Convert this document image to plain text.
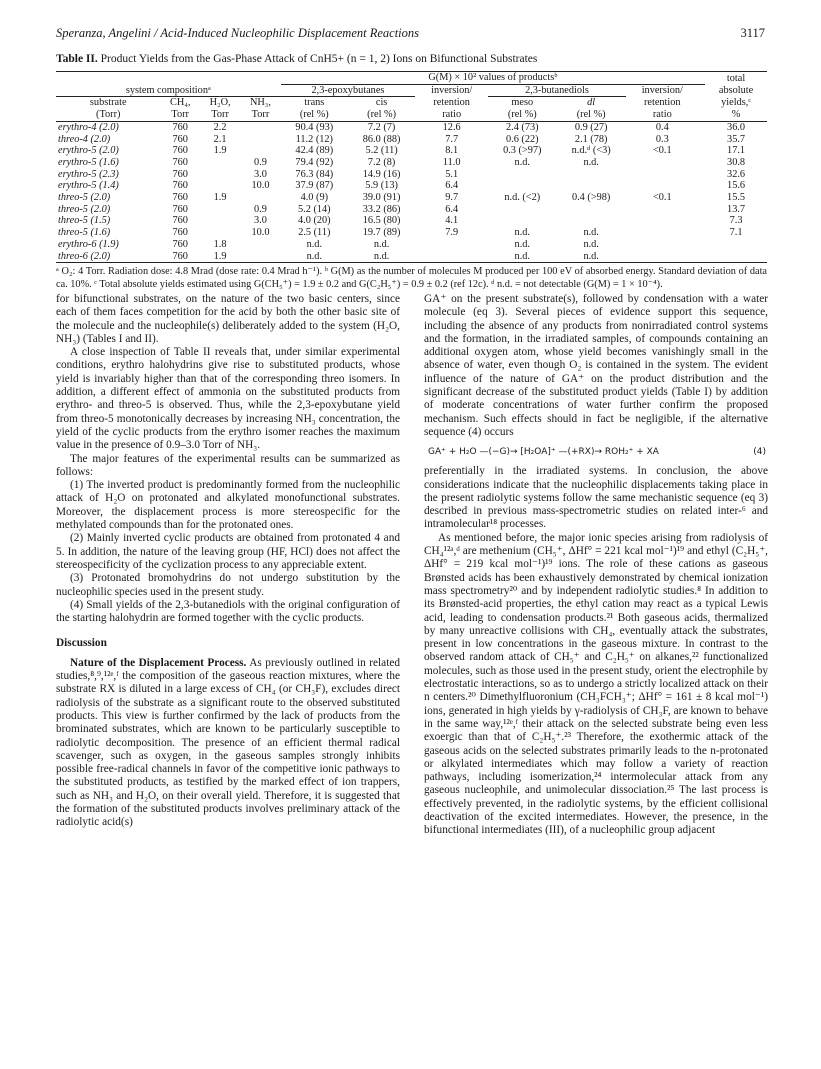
Speranza, Angelini / Acid-Induced Nucleophilic Displacement Reactions	3117
Table II. Product Yields from the Gas-Phase Attack of CnH5+ (n = 1, 2) Ions on Bifunctional Substrates
				G(M) × 10² values of productsᵇ							total
system compositionᵃ				2,3-epoxybutanes		inversion/	2,3-butanediols		inversion/		absolute
substrate	CH₄,	H₂O,	NH₃,	trans	cis	retention	meso	dl	retention		yields,ᶜ
(Torr)	Torr	Torr	Torr	(rel %)	(rel %)	ratio	(rel %)	(rel %)	ratio		%
erythro-4 (2.0)	760	2.2		90.4 (93)	7.2 (7)	12.6	2.4 (73)	0.9 (27)	0.4		36.0
threo-4 (2.0)	760	2.1		11.2 (12)	86.0 (88)	7.7	0.6 (22)	2.1 (78)	0.3		35.7
erythro-5 (2.0)	760	1.9		42.4 (89)	5.2 (11)	8.1	0.3 (>97)	n.d.ᵈ (<3)	<0.1		17.1
erythro-5 (1.6)	760		0.9	79.4 (92)	7.2 (8)	11.0	n.d.	n.d.			30.8
erythro-5 (2.3)	760		3.0	76.3 (84)	14.9 (16)	5.1					32.6
erythro-5 (1.4)	760		10.0	37.9 (87)	5.9 (13)	6.4					15.6
threo-5 (2.0)	760	1.9		4.0 (9)	39.0 (91)	9.7	n.d. (<2)	0.4 (>98)	<0.1		15.5
threo-5 (2.0)	760		0.9	5.2 (14)	33.2 (86)	6.4					13.7
threo-5 (1.5)	760		3.0	4.0 (20)	16.5 (80)	4.1					7.3
threo-5 (1.6)	760		10.0	2.5 (11)	19.7 (89)	7.9	n.d.	n.d.			7.1
erythro-6 (1.9)	760	1.8		n.d.	n.d.		n.d.	n.d.			
threo-6 (2.0)	760	1.9		n.d.	n.d.		n.d.	n.d.			
ᵃ O₂: 4 Torr. Radiation dose: 4.8 Mrad (dose rate: 0.4 Mrad h⁻¹). ᵇ G(M) as the number of molecules M produced per 100 eV of absorbed energy. Standard deviation of data ca. 10%. ᶜ Total absolute yields estimated using G(CH₅⁺) = 1.9 ± 0.2 and G(C₂H₅⁺) = 0.9 ± 0.2 (ref 12c). ᵈ n.d. = not detectable (G(M) = 1 × 10⁻⁴).

for bifunctional substrates, on the nature of the two basic centers, since each of them faces competition for the acid by both the other basic site of the molecule and the nucleophile(s) deliberately added to the system (H₂O, NH₃) (Tables I and II).

A close inspection of Table II reveals that, under similar experimental conditions, erythro halohydrins give rise to substituted products, whose yield is invariably higher than that of the corresponding threo isomers. In addition, a different effect of ammonia on the substituted products from erythro- and threo-5 is observed. Thus, while the 2,3-epoxybutane yield from threo-5 monotonically decreases by increasing NH₃ concentration, the yield of the cyclic products from the erythro isomer reaches the maximum value in the presence of 0.9–3.0 Torr of NH₃.

The major features of the experimental results can be summarized as follows:

(1) The inverted product is predominantly formed from the nucleophilic attack of H₂O on protonated and alkylated monofunctional substrates. Moreover, the displacement process is more stereospecific for the methylated compounds than for the protonated ones.

(2) Mainly inverted cyclic products are obtained from protonated 4 and 5. In addition, the nature of the leaving group (HF, HCl) does not affect the stereospecificity of the cyclization process to any appreciable extent.

(3) Protonated bromohydrins do not undergo substitution by the nucleophilic species used in the present study.

(4) Small yields of the 2,3-butanediols with the original configuration of the starting halohydrin are formed together with the cyclic products.

Discussion

Nature of the Displacement Process. As previously outlined in related studies,⁸,⁹,¹²ᵉ,ᶠ the composition of the gaseous reaction mixtures, where the substrate RX is diluted in a large excess of CH₄ (or CH₃F), excludes direct radiolysis of the substrate as a significant route to the observed substituted products. This view is further confirmed by the lack of products from the brominated substrates, which are known to be particularly susceptible to radiolytic decomposition. The presence of an efficient thermal radical scavenger, such as oxygen, in the gaseous samples strongly inhibits possible free-radical channels in favor of the competitive ionic pathways to the substituted products, as testified by the marked effect of ion trappers, such as NH₃ and H₂O, on their overall yield. Therefore, it is suggested that the formation of the substituted products involves preliminary attack of the radiolytic acid(s)

GA⁺ on the present substrate(s), followed by condensation with a water molecule (eq 3). Several pieces of evidence support this sequence, including the absence of any products from nonirradiated control systems and the formation, in the irradiated samples, of compounds containing an additional oxygen atom, whose yield becomes vanishingly small in the absence of water, even though O₂ is contained in the system. The evident influence of the nature of GA⁺ on the product distribution and the significant decrease of the substituted product yields (Table I) by addition of moderate concentrations of water further confirm the proposed mechanism. Such effects should in fact be negligible, if the alternative sequence (4) occurs

GA⁺ + H₂O —(−G)→ [H₂OA]⁺ —(+RX)→ ROH₂⁺ + XA	(4)

preferentially in the irradiated systems. In conclusion, the above considerations indicate that the nucleophilic displacements taking place in the present radiolytic systems follow the same mechanistic sequence (eq 3) described in previous mass-spectrometric studies on related inter-⁶ and intramolecular¹⁸ processes.

As mentioned before, the major ionic species arising from radiolysis of CH₄¹²ᵃ,ᵈ are methenium (CH₅⁺, ΔHf° = 221 kcal mol⁻¹)¹⁹ and ethyl (C₂H₅⁺, ΔHf° = 219 kcal mol⁻¹)¹⁹ ions. The role of these cations as gaseous Brønsted acids has been exhaustively demonstrated by chemical ionization mass spectrometry²⁰ and by independent radiolytic studies.⁸ In addition to its Brønsted-acid properties, the ethyl cation may react as a typical Lewis acid, leading to condensation products.²¹ Both gaseous acids, thermalized by many unreactive collisions with CH₄, eventually attack the substrates, present in low concentrations in the gaseous mixture. In contrast to the observed random attack of CH₅⁺ and C₂H₅⁺ on alkanes,²² functionalized molecules, such as those used in the present study, orient the electrophile by electrostatic interactions, so as to undergo a strictly localized attack on their n centers.²⁰ Dimethylfluoronium (CH₃FCH₃⁺; ΔHf° = 161 ± 8 kcal mol⁻¹) ions, generated in high yields by γ-radiolysis of CH₃F, are known to behave in the same way,¹²ᵉ,ᶠ their attack on the selected substrate being even less exoergic than that of C₂H₅⁺.²³ Therefore, the exothermic attack of the gaseous acids on the selected substrates primarily leads to the n-protonated or alkylated intermediates which may follow a variety of reaction pathways, including isomerization,²⁴ intermolecular attack from any gaseous nucleophile, and unimolecular dissociation.²⁵ The last process is effectively prevented, in the radiolytic systems, by the efficient collisional deactivation of the excited intermediates. However, the presence, in the bifunctional intermediates (III), of a nucleophilic group adjacent
